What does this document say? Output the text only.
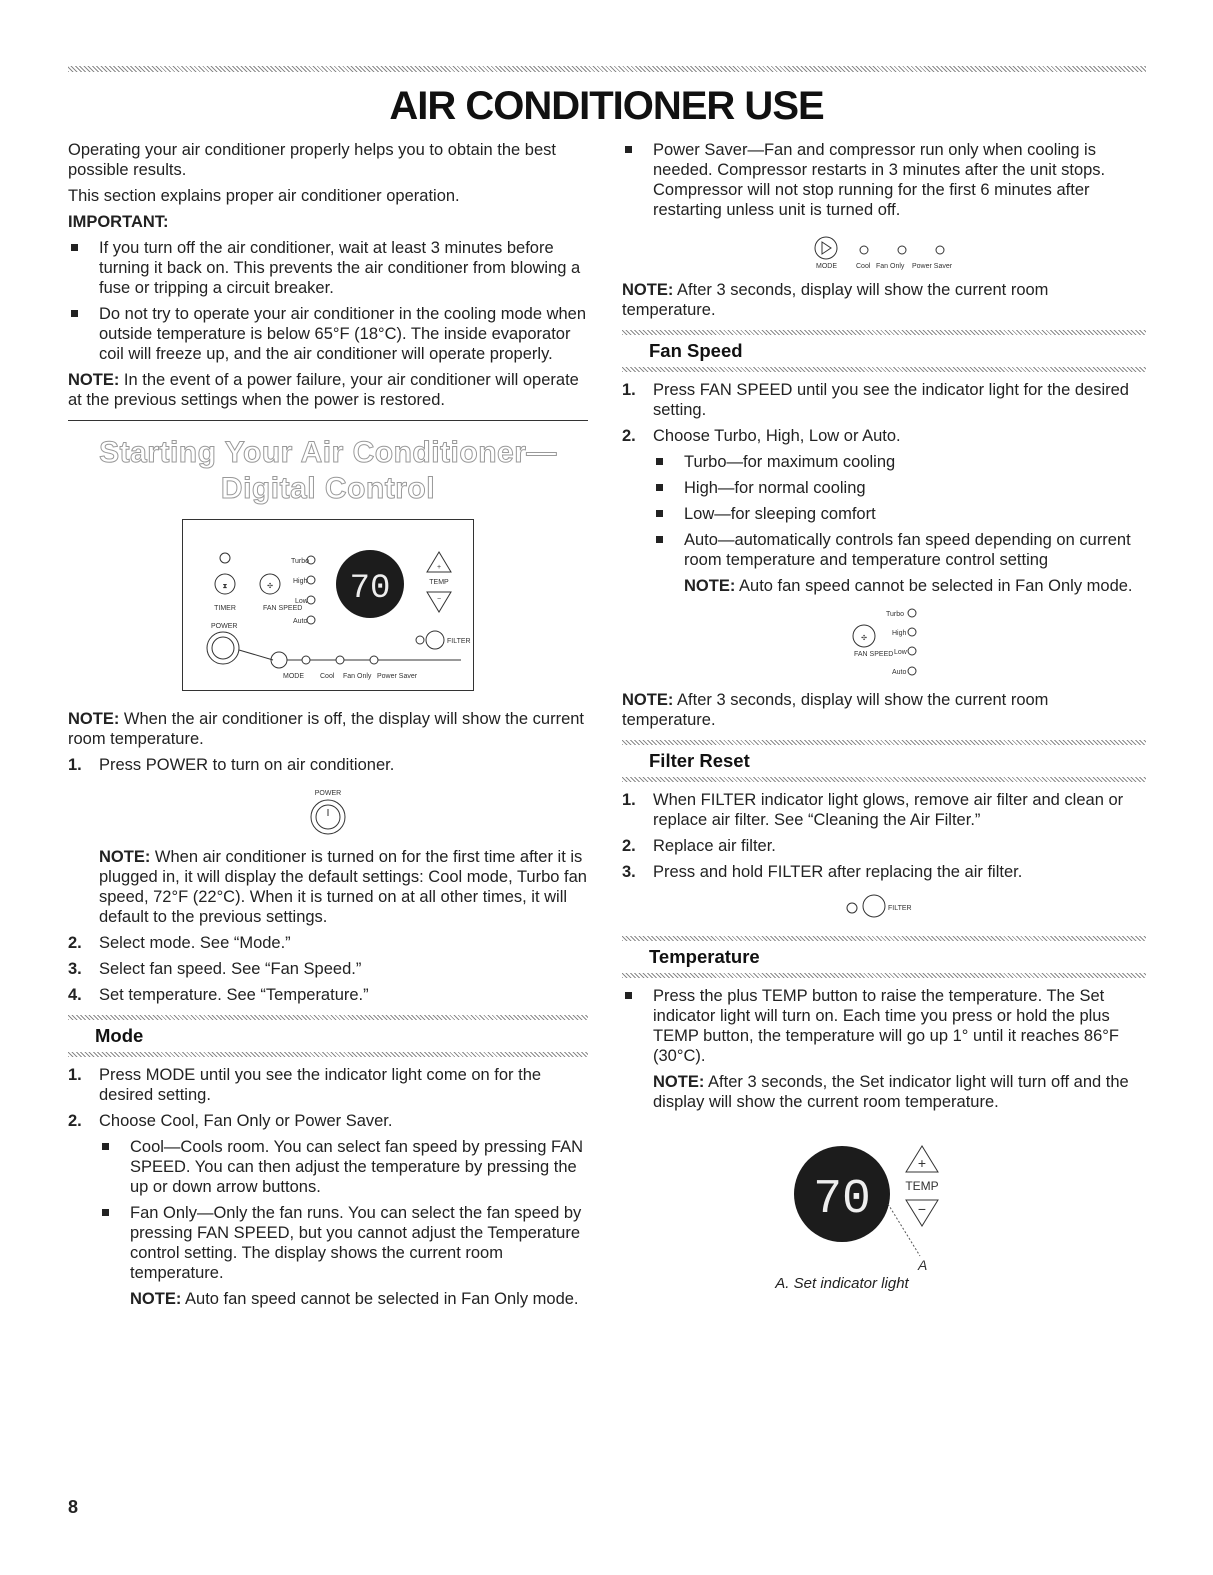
AIR CONDITIONER USE

Operating your air conditioner properly helps you to obtain the best possible results.

This section explains proper air conditioner operation.

IMPORTANT:

If you turn off the air conditioner, wait at least 3 minutes before turning it back on. This prevents the air conditioner from blowing a fuse or tripping a circuit breaker.
Do not try to operate your air conditioner in the cooling mode when outside temperature is below 65°F (18°C). The inside evaporator coil will freeze up, and the air conditioner will operate properly.

NOTE: In the event of a power failure, your air conditioner will operate at the previous settings when the power is restored.

Starting Your Air Conditioner—
Digital Control
⧗
TIMER
✣
FAN SPEED
Turbo
High
Low
Auto
70
+
TEMP
−
POWER
MODE Cool Fan Only Power Saver
FILTER

NOTE: When the air conditioner is off, the display will show the current room temperature.

1. Press POWER to turn on air conditioner.
POWER

NOTE: When air conditioner is turned on for the first time after it is plugged in, it will display the default settings: Cool mode, Turbo fan speed, 72°F (22°C). When it is turned on at all other times, it will default to the previous settings.

2. Select mode. See “Mode.”
3. Select fan speed. See “Fan Speed.”
4. Set temperature. See “Temperature.”
Mode
1. Press MODE until you see the indicator light come on for the desired setting.
2. Choose Cool, Fan Only or Power Saver.
Cool—Cools room. You can select fan speed by pressing FAN SPEED. You can then adjust the temperature by pressing the up or down arrow buttons.
Fan Only—Only the fan runs. You can select the fan speed by pressing FAN SPEED, but you cannot adjust the Temperature control setting. The display shows the current room temperature.

NOTE: Auto fan speed cannot be selected in Fan Only mode.

Power Saver—Fan and compressor run only when cooling is needed. Compressor restarts in 3 minutes after the unit stops. Compressor will not stop running for the first 6 minutes after restarting unless unit is turned off.
MODE	Cool Fan Only Power Saver

NOTE: After 3 seconds, display will show the current room temperature.

Fan Speed
1. Press FAN SPEED until you see the indicator light for the desired setting.
2. Choose Turbo, High, Low or Auto.
Turbo—for maximum cooling
High—for normal cooling
Low—for sleeping comfort
Auto—automatically controls fan speed depending on current room temperature and temperature control setting

NOTE: Auto fan speed cannot be selected in Fan Only mode.

✣
FAN SPEED
Turbo
High
Low
Auto

NOTE: After 3 seconds, display will show the current room temperature.

Filter Reset
1. When FILTER indicator light glows, remove air filter and clean or replace air filter. See “Cleaning the Air Filter.”
2. Replace air filter.
3. Press and hold FILTER after replacing the air filter.
FILTER
Temperature
Press the plus TEMP button to raise the temperature. The Set indicator light will turn on. Each time you press or hold the plus TEMP button, the temperature will go up 1° until it reaches 86°F (30°C).

NOTE: After 3 seconds, the Set indicator light will turn off and the display will show the current room temperature.

70
+
TEMP
−
A
A. Set indicator light
8
